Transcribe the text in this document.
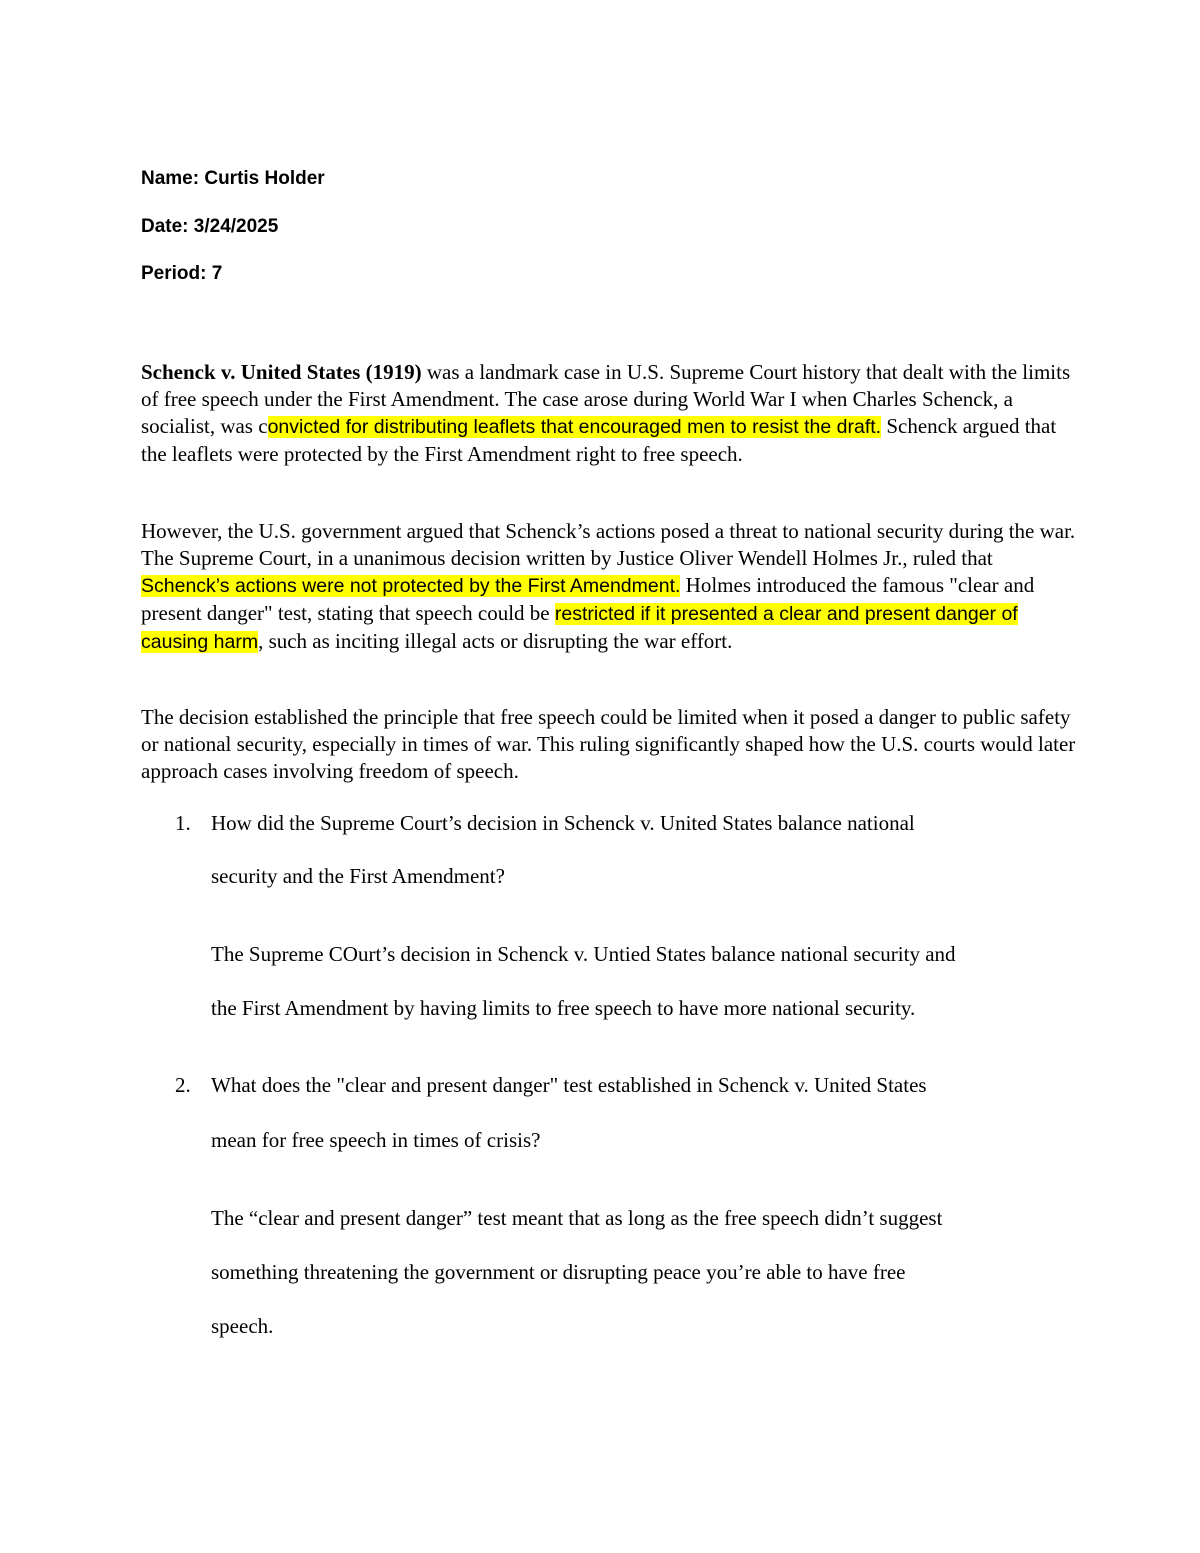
Name: Curtis Holder

Date: 3/24/2025

Period: 7

Schenck v. United States (1919) was a landmark case in U.S. Supreme Court history that dealt with the limits of free speech under the First Amendment. The case arose during World War I when Charles Schenck, a socialist, was convicted for distributing leaflets that encouraged men to resist the draft. Schenck argued that the leaflets were protected by the First Amendment right to free speech.

However, the U.S. government argued that Schenck’s actions posed a threat to national security during the war. The Supreme Court, in a unanimous decision written by Justice Oliver Wendell Holmes Jr., ruled that Schenck’s actions were not protected by the First Amendment. Holmes introduced the famous "clear and present danger" test, stating that speech could be restricted if it presented a clear and present danger of causing harm, such as inciting illegal acts or disrupting the war effort.

The decision established the principle that free speech could be limited when it posed a danger to public safety or national security, especially in times of war. This ruling significantly shaped how the U.S. courts would later approach cases involving freedom of speech.

1. How did the Supreme Court’s decision in Schenck v. United States balance national
security and the First Amendment?
The Supreme COurt’s decision in Schenck v. Untied States balance national security and
the First Amendment by having limits to free speech to have more national security.
2. What does the "clear and present danger" test established in Schenck v. United States
mean for free speech in times of crisis?
The “clear and present danger” test meant that as long as the free speech didn’t suggest
something threatening the government or disrupting peace you’re able to have free
speech.
